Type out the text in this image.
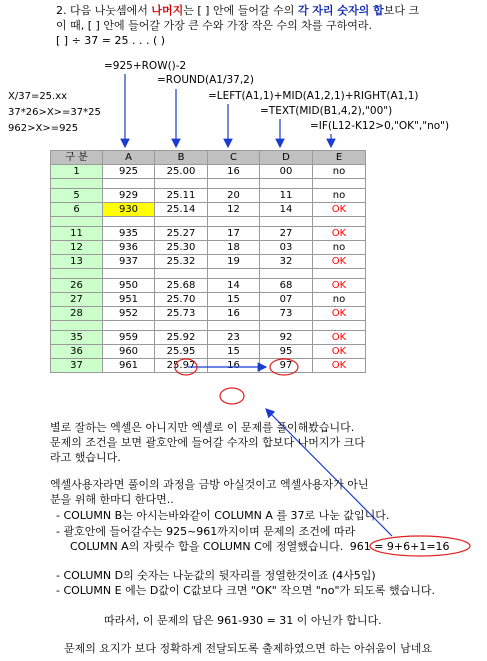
2. 다음 나눗셈에서 나머지는 [ ] 안에 들어갈 수의 각 자리 숫자의 합보다 크
이 때, [ ] 안에 들어갈 가장 큰 수와 가장 작은 수의 차를 구하여라.
[ ] ÷ 37 = 25 . . . ( )
=925+ROW()-2
=ROUND(A1/37,2)
=LEFT(A1,1)+MID(A1,2,1)+RIGHT(A1,1)
=TEXT(MID(B1,4,2),"00")
=IF(L12-K12>0,"OK","no")
X/37=25.xx
37*26>X>=37*25
962>X>=925
구 분	A	B	C	D	E
1	925	25.00	16	00	no

5	929	25.11	20	11	no
6	930	25.14	12	14	OK

11	935	25.27	17	27	OK
12	936	25.30	18	03	no
13	937	25.32	19	32	OK

26	950	25.68	14	68	OK
27	951	25.70	15	07	no
28	952	25.73	16	73	OK

35	959	25.92	23	92	OK
36	960	25.95	15	95	OK
37	961	25.97	16	97	OK
별로 잘하는 엑셀은 아니지만 엑셀로 이 문제를 풀이해봤습니다.
문제의 조건을 보면 괄호안에 들어갈 수자의 합보다 나머지가 크다
라고 했습니다.
엑셀사용자라면 풀이의 과정을 금방 아실것이고 엑셀사용자가 아닌
분을 위해 한마디 한다면..
- COLUMN B는 아시는바와같이 COLUMN A 를 37로 나눈 값입니다.
- 괄호안에 들어갈수는 925~961까지이며 문제의 조건에 따라
COLUMN A의 자릿수 합을 COLUMN C에 정열했습니다. 961 = 9+6+1=16
- COLUMN D의 숫자는 나눈값의 뒷자리를 정열한것이죠 (4사5입)
- COLUMN E 에는 D값이 C값보다 크면 "OK" 작으면 "no"가 되도록 했습니다.
따라서, 이 문제의 답은 961-930 = 31 이 아닌가 합니다.
문제의 요지가 보다 정확하게 전달되도록 출제하였으면 하는 아쉬움이 남네요
